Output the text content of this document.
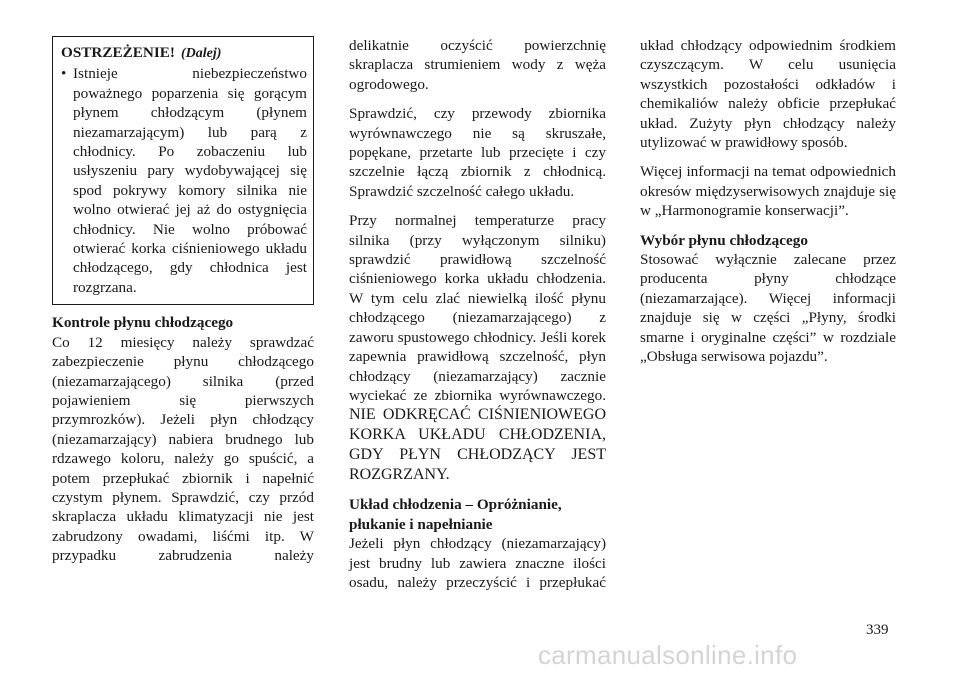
OSTRZEŻENIE! (Dalej)
• Istnieje niebezpieczeństwo poważnego poparzenia się gorącym płynem chłodzącym (płynem niezamarzającym) lub parą z chłodnicy. Po zobaczeniu lub usłyszeniu pary wydobywającej się spod pokrywy komory silnika nie wolno otwierać jej aż do ostygnięcia chłodnicy. Nie wolno próbować otwierać korka ciśnieniowego układu chłodzącego, gdy chłodnica jest rozgrzana.
Kontrole płynu chłodzącego

Co 12 miesięcy należy sprawdzać zabezpieczenie płynu chłodzącego (niezamarzającego) silnika (przed pojawieniem się pierwszych przymrozków). Jeżeli płyn chłodzący (niezamarzający) nabiera brudnego lub rdzawego koloru, należy go spuścić, a potem przepłukać zbiornik i napełnić czystym płynem. Sprawdzić, czy przód skraplacza układu klimatyzacji nie jest zabrudzony owadami, liśćmi itp. W przypadku zabrudzenia należy

delikatnie oczyścić powierzchnię skraplacza strumieniem wody z węża ogrodowego.

Sprawdzić, czy przewody zbiornika wyrównawczego nie są skruszałe, popękane, przetarte lub przecięte i czy szczelnie łączą zbiornik z chłodnicą. Sprawdzić szczelność całego układu.

Przy normalnej temperaturze pracy silnika (przy wyłączonym silniku) sprawdzić prawidłową szczelność ciśnieniowego korka układu chłodzenia. W tym celu zlać niewielką ilość płynu chłodzącego (niezamarzającego) z zaworu spustowego chłodnicy. Jeśli korek zapewnia prawidłową szczelność, płyn chłodzący (niezamarzający) zacznie wyciekać ze zbiornika wyrównawczego. NIE ODKRĘCAĆ CIŚNIENIOWEGO KORKA UKŁADU CHŁODZENIA, GDY PŁYN CHŁODZĄCY JEST ROZGRZANY.

Układ chłodzenia – Opróżnianie, płukanie i napełnianie

Jeżeli płyn chłodzący (niezamarzający) jest brudny lub zawiera znaczne ilości osadu, należy przeczyścić i przepłukać

układ chłodzący odpowiednim środkiem czyszczącym. W celu usunięcia wszystkich pozostałości odkładów i chemikaliów należy obficie przepłukać układ. Zużyty płyn chłodzący należy utylizować w prawidłowy sposób.

Więcej informacji na temat odpowiednich okresów międzyserwisowych znajduje się w „Harmonogramie konserwacji”.

Wybór płynu chłodzącego

Stosować wyłącznie zalecane przez producenta płyny chłodzące (niezamarzające). Więcej informacji znajduje się w części „Płyny, środki smarne i oryginalne części” w rozdziale „Obsługa serwisowa pojazdu”.

339
carmanualsonline.info
